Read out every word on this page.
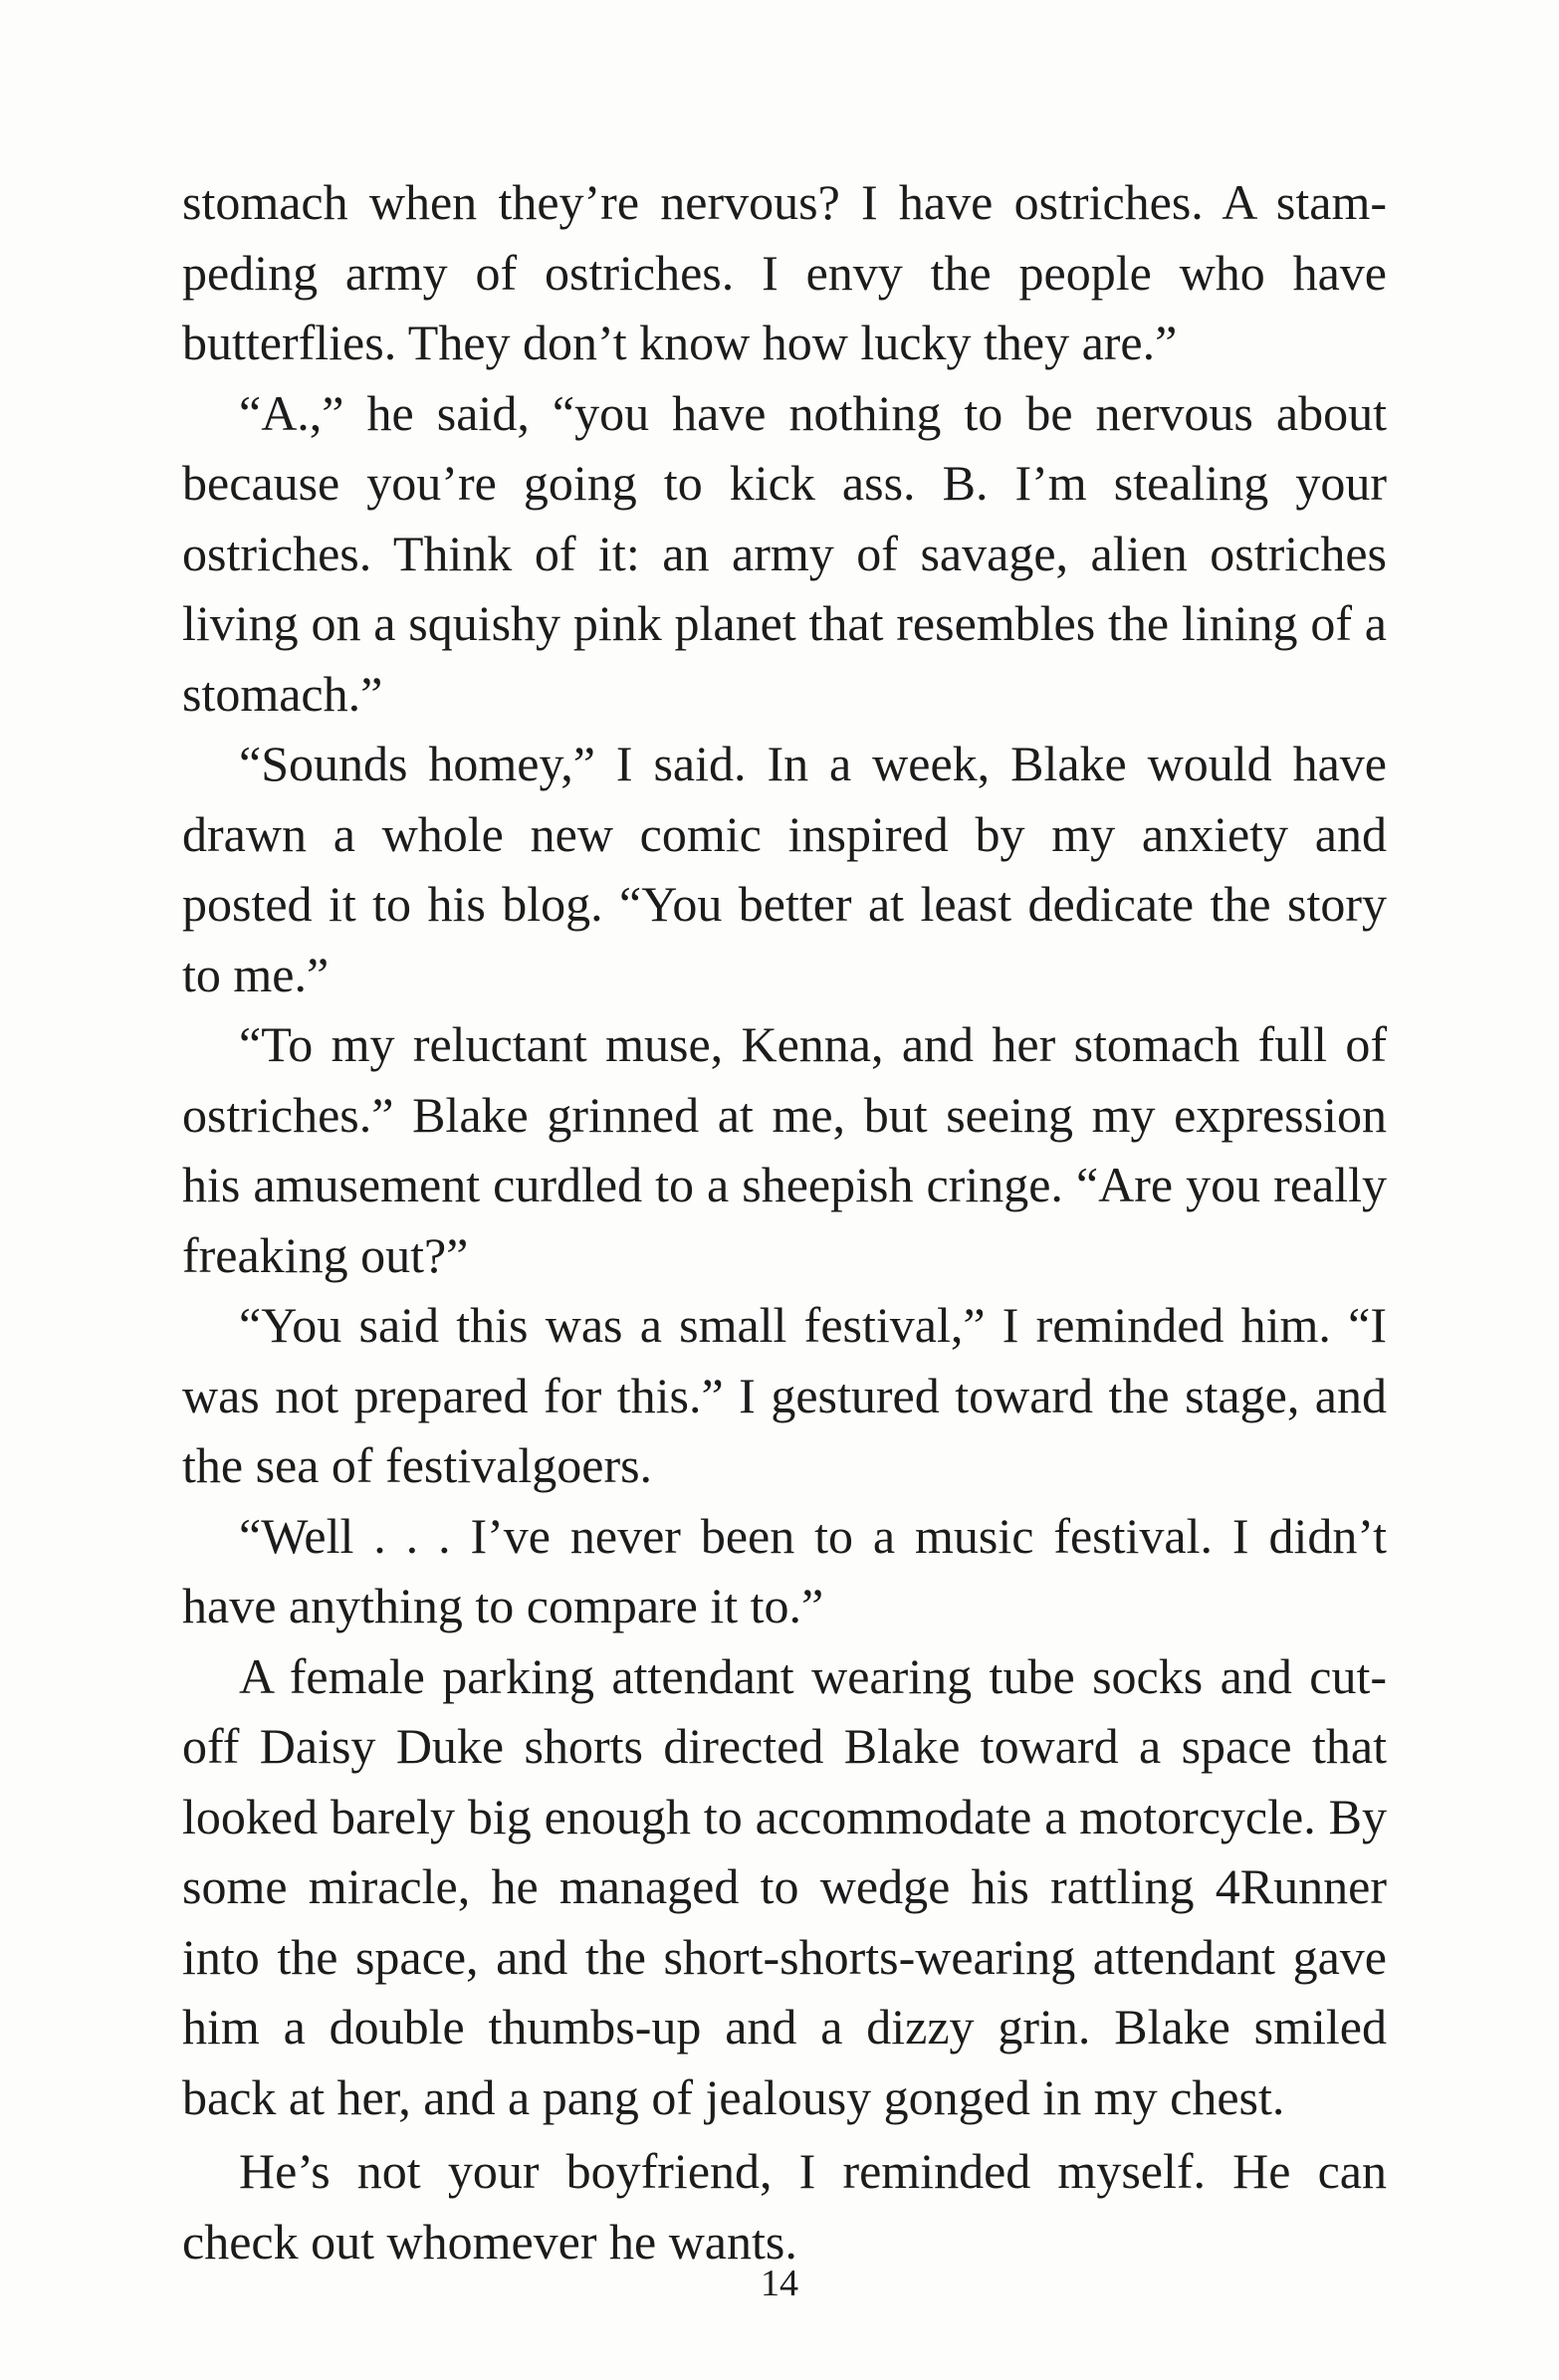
stomach when they’re nervous? I have ostriches. A stampeding army of ostriches. I envy the people who have butterflies. They don’t know how lucky they are.”

“A.,” he said, “you have nothing to be nervous about because you’re going to kick ass. B. I’m stealing your ostriches. Think of it: an army of savage, alien ostriches living on a squishy pink planet that resembles the lining of a stomach.”

“Sounds homey,” I said. In a week, Blake would have drawn a whole new comic inspired by my anxiety and posted it to his blog. “You better at least dedicate the story to me.”

“To my reluctant muse, Kenna, and her stomach full of ostriches.” Blake grinned at me, but seeing my expression his amusement curdled to a sheepish cringe. “Are you really freaking out?”

“You said this was a small festival,” I reminded him. “I was not prepared for this.” I gestured toward the stage, and the sea of festivalgoers.

“Well . . . I’ve never been to a music festival. I didn’t have anything to compare it to.”

A female parking attendant wearing tube socks and cutoff Daisy Duke shorts directed Blake toward a space that looked barely big enough to accommodate a motorcycle. By some miracle, he managed to wedge his rattling 4Runner into the space, and the short-shorts-wearing attendant gave him a double thumbs-up and a dizzy grin. Blake smiled back at her, and a pang of jealousy gonged in my chest.

He’s not your boyfriend, I reminded myself. He can check out whomever he wants.

14
